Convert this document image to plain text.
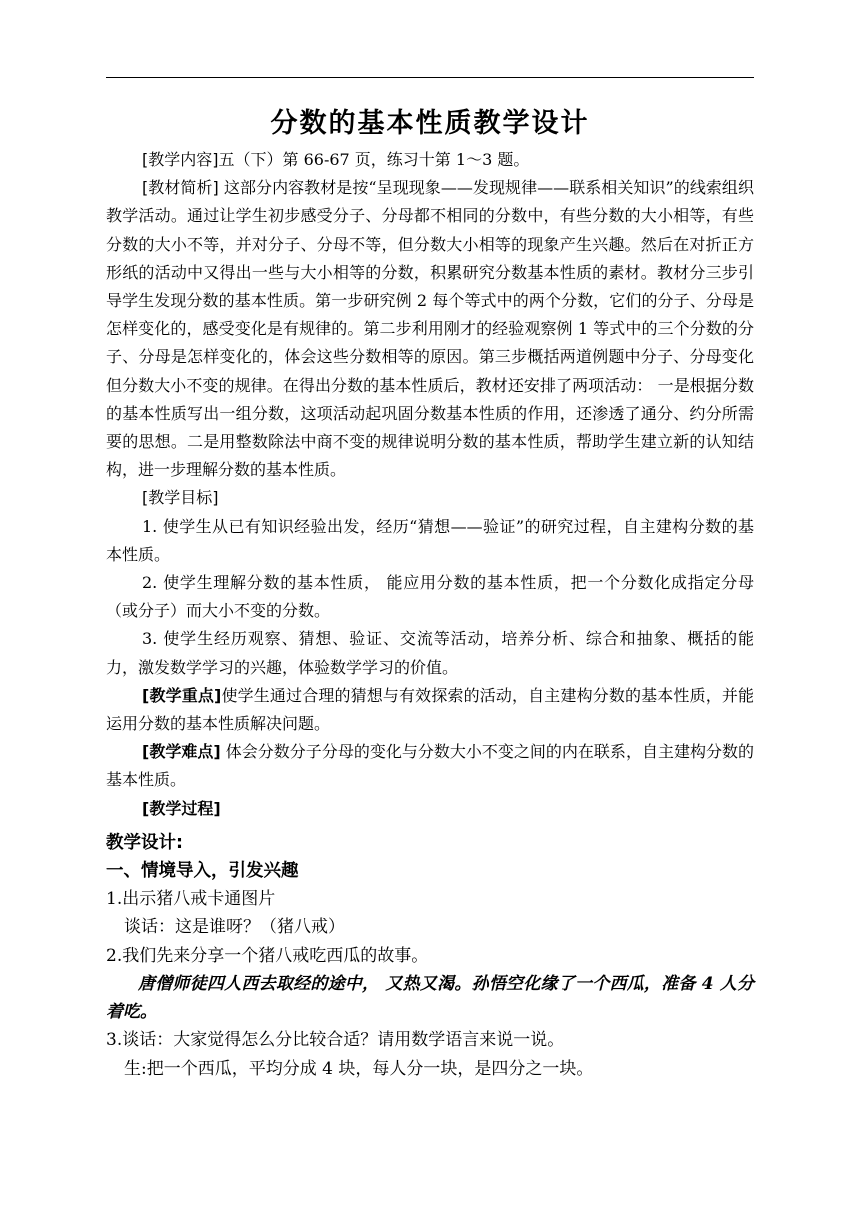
分数的基本性质教学设计

[教学内容]五（下）第 66-67 页，练习十第 1～3 题。

[教材简析] 这部分内容教材是按“呈现现象——发现规律——联系相关知识”的线索组织教学活动。通过让学生初步感受分子、分母都不相同的分数中，有些分数的大小相等，有些分数的大小不等，并对分子、分母不等，但分数大小相等的现象产生兴趣。然后在对折正方形纸的活动中又得出一些与大小相等的分数，积累研究分数基本性质的素材。教材分三步引导学生发现分数的基本性质。第一步研究例 2 每个等式中的两个分数，它们的分子、分母是怎样变化的，感受变化是有规律的。第二步利用刚才的经验观察例 1 等式中的三个分数的分子、分母是怎样变化的，体会这些分数相等的原因。第三步概括两道例题中分子、分母变化但分数大小不变的规律。在得出分数的基本性质后，教材还安排了两项活动： 一是根据分数的基本性质写出一组分数，这项活动起巩固分数基本性质的作用，还渗透了通分、约分所需要的思想。二是用整数除法中商不变的规律说明分数的基本性质，帮助学生建立新的认知结构，进一步理解分数的基本性质。

[教学目标]

1. 使学生从已有知识经验出发，经历“猜想——验证”的研究过程，自主建构分数的基本性质。

2. 使学生理解分数的基本性质， 能应用分数的基本性质，把一个分数化成指定分母（或分子）而大小不变的分数。

3. 使学生经历观察、猜想、验证、交流等活动，培养分析、综合和抽象、概括的能力，激发数学学习的兴趣，体验数学学习的价值。

[教学重点]使学生通过合理的猜想与有效探索的活动，自主建构分数的基本性质，并能运用分数的基本性质解决问题。

[教学难点] 体会分数分子分母的变化与分数大小不变之间的内在联系，自主建构分数的基本性质。

[教学过程]

教学设计:

一、情境导入，引发兴趣

1.出示猪八戒卡通图片

谈话：这是谁呀？（猪八戒）

2.我们先来分享一个猪八戒吃西瓜的故事。

唐僧师徒四人西去取经的途中， 又热又渴。孙悟空化缘了一个西瓜，准备 4 人分着吃。

3.谈话：大家觉得怎么分比较合适？请用数学语言来说一说。

生:把一个西瓜，平均分成 4 块，每人分一块，是四分之一块。
